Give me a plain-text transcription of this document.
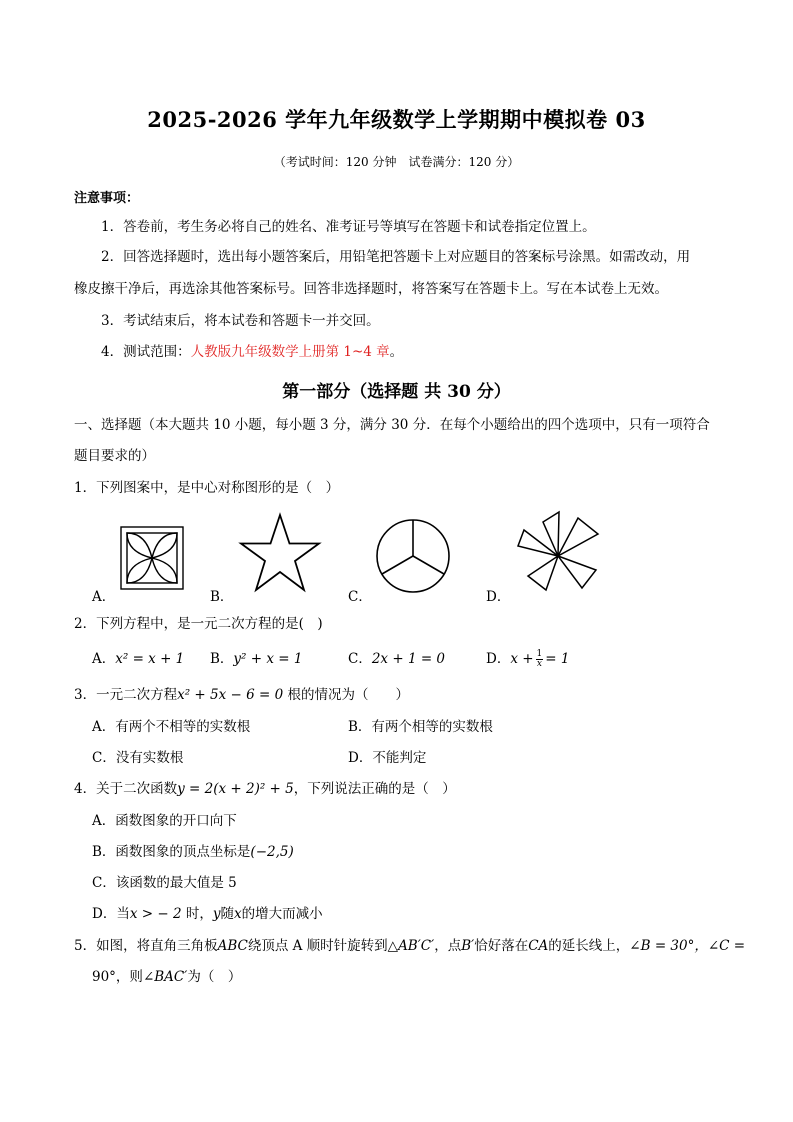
2025-2026 学年九年级数学上学期期中模拟卷 03
（考试时间：120 分钟　试卷满分：120 分）
注意事项：
1．答卷前，考生务必将自己的姓名、准考证号等填写在答题卡和试卷指定位置上。
2．回答选择题时，选出每小题答案后，用铅笔把答题卡上对应题目的答案标号涂黑。如需改动，用
橡皮擦干净后，再选涂其他答案标号。回答非选择题时，将答案写在答题卡上。写在本试卷上无效。
3．考试结束后，将本试卷和答题卡一并交回。
4．测试范围：人教版九年级数学上册第 1~4 章。
第一部分（选择题 共 30 分）
一、选择题（本大题共 10 小题，每小题 3 分，满分 30 分．在每个小题给出的四个选项中，只有一项符合
题目要求的）
1．下列图案中，是中心对称图形的是（　）
A．	B．	C．	D．
2．下列方程中，是一元二次方程的是(　)
A．x² = x + 1 B．y² + x = 1	C．2x + 1 = 0	D．$x + \frac{1}{x} = 1$
3．一元二次方程x² + 5x − 6 = 0 根的情况为（　　）
A．有两个不相等的实数根	B．有两个相等的实数根
C．没有实数根	D．不能判定
4．关于二次函数y = 2(x + 2)² + 5，下列说法正确的是（　）
A．函数图象的开口向下
B．函数图象的顶点坐标是(−2,5)
C．该函数的最大值是 5
D．当x > − 2 时，y随x的增大而减小
5．如图，将直角三角板ABC绕顶点 A 顺时针旋转到△AB′C′，点B′恰好落在CA的延长线上，∠B = 30°，∠C =
90°，则∠BAC′为（　）
